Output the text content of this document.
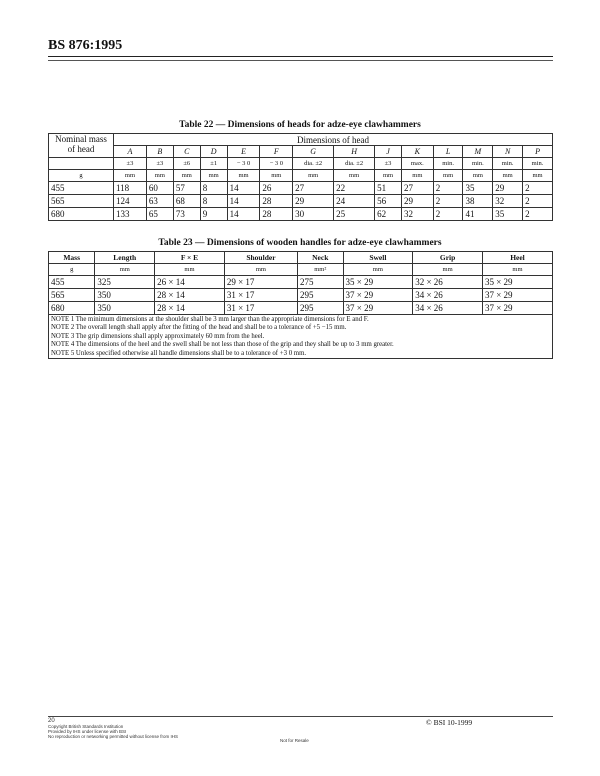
BS 876:1995
Table 22 — Dimensions of heads for adze-eye clawhammers
Nominal mass of head	Dimensions of head													
	A	B	C	D	E	F	G	H	J	K	L	M	N	P
	±3	±3	±6	±1	− 3 0	− 3 0	dia. ±2	dia. ±2	±3	max.	min.	min.	min.	min.
g	mm	mm	mm	mm	mm	mm	mm	mm	mm	mm	mm	mm	mm	mm
455	118	60	57	8	14	26	27	22	51	27	2	35	29	2
565	124	63	68	8	14	28	29	24	56	29	2	38	32	2
680	133	65	73	9	14	28	30	25	62	32	2	41	35	2
Table 23 — Dimensions of wooden handles for adze-eye clawhammers
Mass	Length	F × E	Shoulder	Neck	Swell	Grip	Heel
g	mm	mm	mm	mm²	mm	mm	mm
455	325	26 × 14	29 × 17	275	35 × 29	32 × 26	35 × 29
565	350	28 × 14	31 × 17	295	37 × 29	34 × 26	37 × 29
680	350	28 × 14	31 × 17	295	37 × 29	34 × 26	37 × 29
NOTE 1 The minimum dimensions at the shoulder shall be 3 mm larger than the appropriate dimensions for E and F.							
NOTE 2 The overall length shall apply after the fitting of the head and shall be to a tolerance of +5 −15 mm.							
NOTE 3 The grip dimensions shall apply approximately 60 mm from the heel.							
NOTE 4 The dimensions of the heel and the swell shall be not less than those of the grip and they shall be up to 3 mm greater.							
NOTE 5 Unless specified otherwise all handle dimensions shall be to a tolerance of +3 0 mm.							
20
Copyright British Standards Institution
Provided by IHS under license with BSI
No reproduction or networking permitted without license from IHS
Not for Resale
© BSI 10-1999
